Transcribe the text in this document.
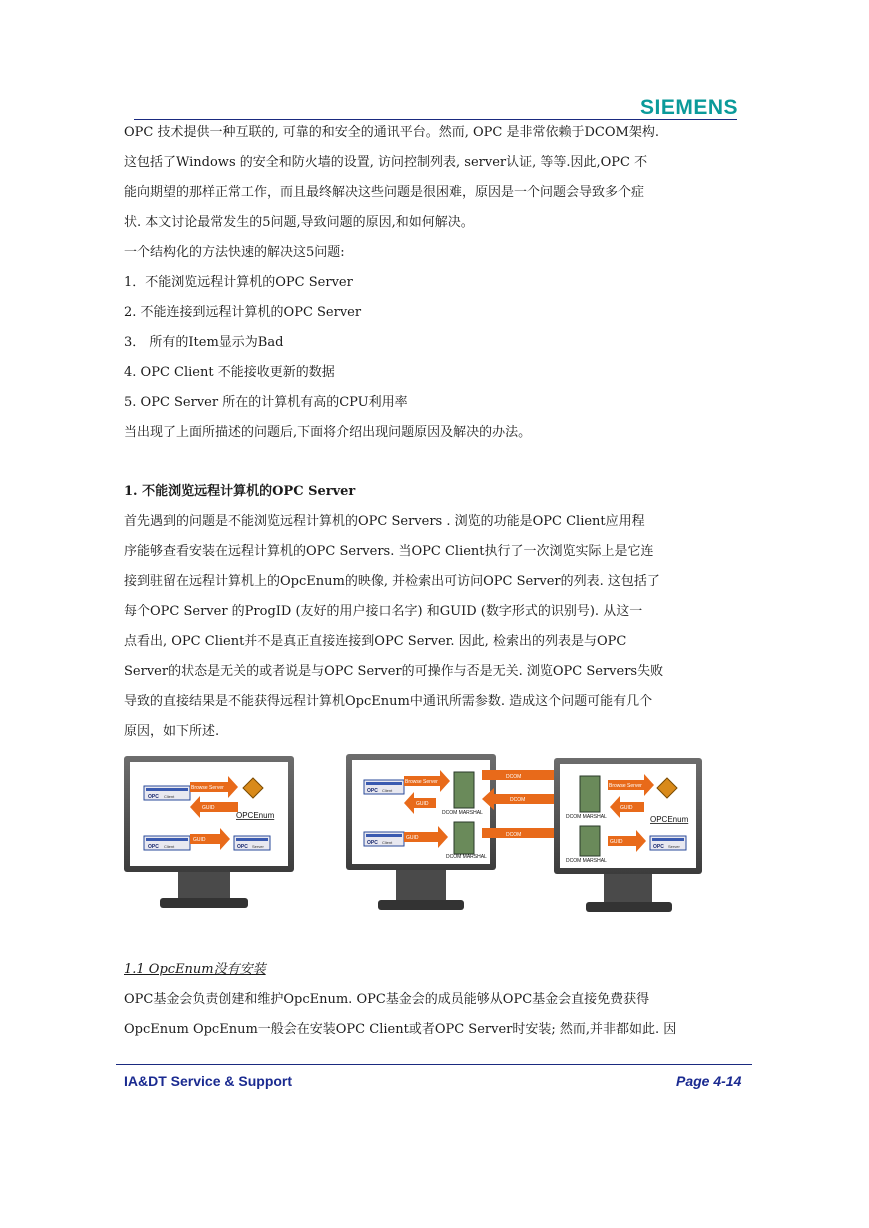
SIEMENS

OPC 技术提供一种互联的, 可靠的和安全的通讯平台。然而, OPC 是非常依赖于DCOM架构.

这包括了Windows 的安全和防火墙的设置, 访问控制列表, server认证, 等等.因此,OPC 不

能向期望的那样正常工作，而且最终解决这些问题是很困难，原因是一个问题会导致多个症

状. 本文讨论最常发生的5问题,导致问题的原因,和如何解决。

一个结构化的方法快速的解决这5问题:

1．不能浏览远程计算机的OPC Server

2. 不能连接到远程计算机的OPC Server

3． 所有的Item显示为Bad

4. OPC Client 不能接收更新的数据

5. OPC Server 所在的计算机有高的CPU利用率

当出现了上面所描述的问题后,下面将介绍出现问题原因及解决的办法。

1. 不能浏览远程计算机的OPC Server

首先遇到的问题是不能浏览远程计算机的OPC Servers . 浏览的功能是OPC Client应用程

序能够查看安装在远程计算机的OPC Servers. 当OPC Client执行了一次浏览实际上是它连

接到驻留在远程计算机上的OpcEnum的映像, 并检索出可访问OPC Server的列表. 这包括了

每个OPC Server 的ProgID (友好的用户接口名字) 和GUID (数字形式的识别号). 从这一

点看出, OPC Client并不是真正直接连接到OPC Server. 因此, 检索出的列表是与OPC

Server的状态是无关的或者说是与OPC Server的可操作与否是无关. 浏览OPC Servers失败

导致的直接结果是不能获得远程计算机OpcEnum中通讯所需参数. 造成这个问题可能有几个

原因，如下所述.

OPC Client
Browse Server
GUID
OPCEnum
OPC Client
GUID
OPC Server
OPC Client
Browse Server
GUID
DCOM MARSHAL
OPC Client
GUID
DCOM MARSHAL
DCOM
DCOM
DCOM
DCOM MARSHAL
Browse Server
GUID
OPCEnum
DCOM MARSHAL
GUID
OPC Server

1.1 OpcEnum没有安装

OPC基金会负责创建和维护OpcEnum. OPC基金会的成员能够从OPC基金会直接免费获得

OpcEnum OpcEnum一般会在安装OPC Client或者OPC Server时安装; 然而,并非都如此. 因

IA&DT Service & Support	Page 4-14
